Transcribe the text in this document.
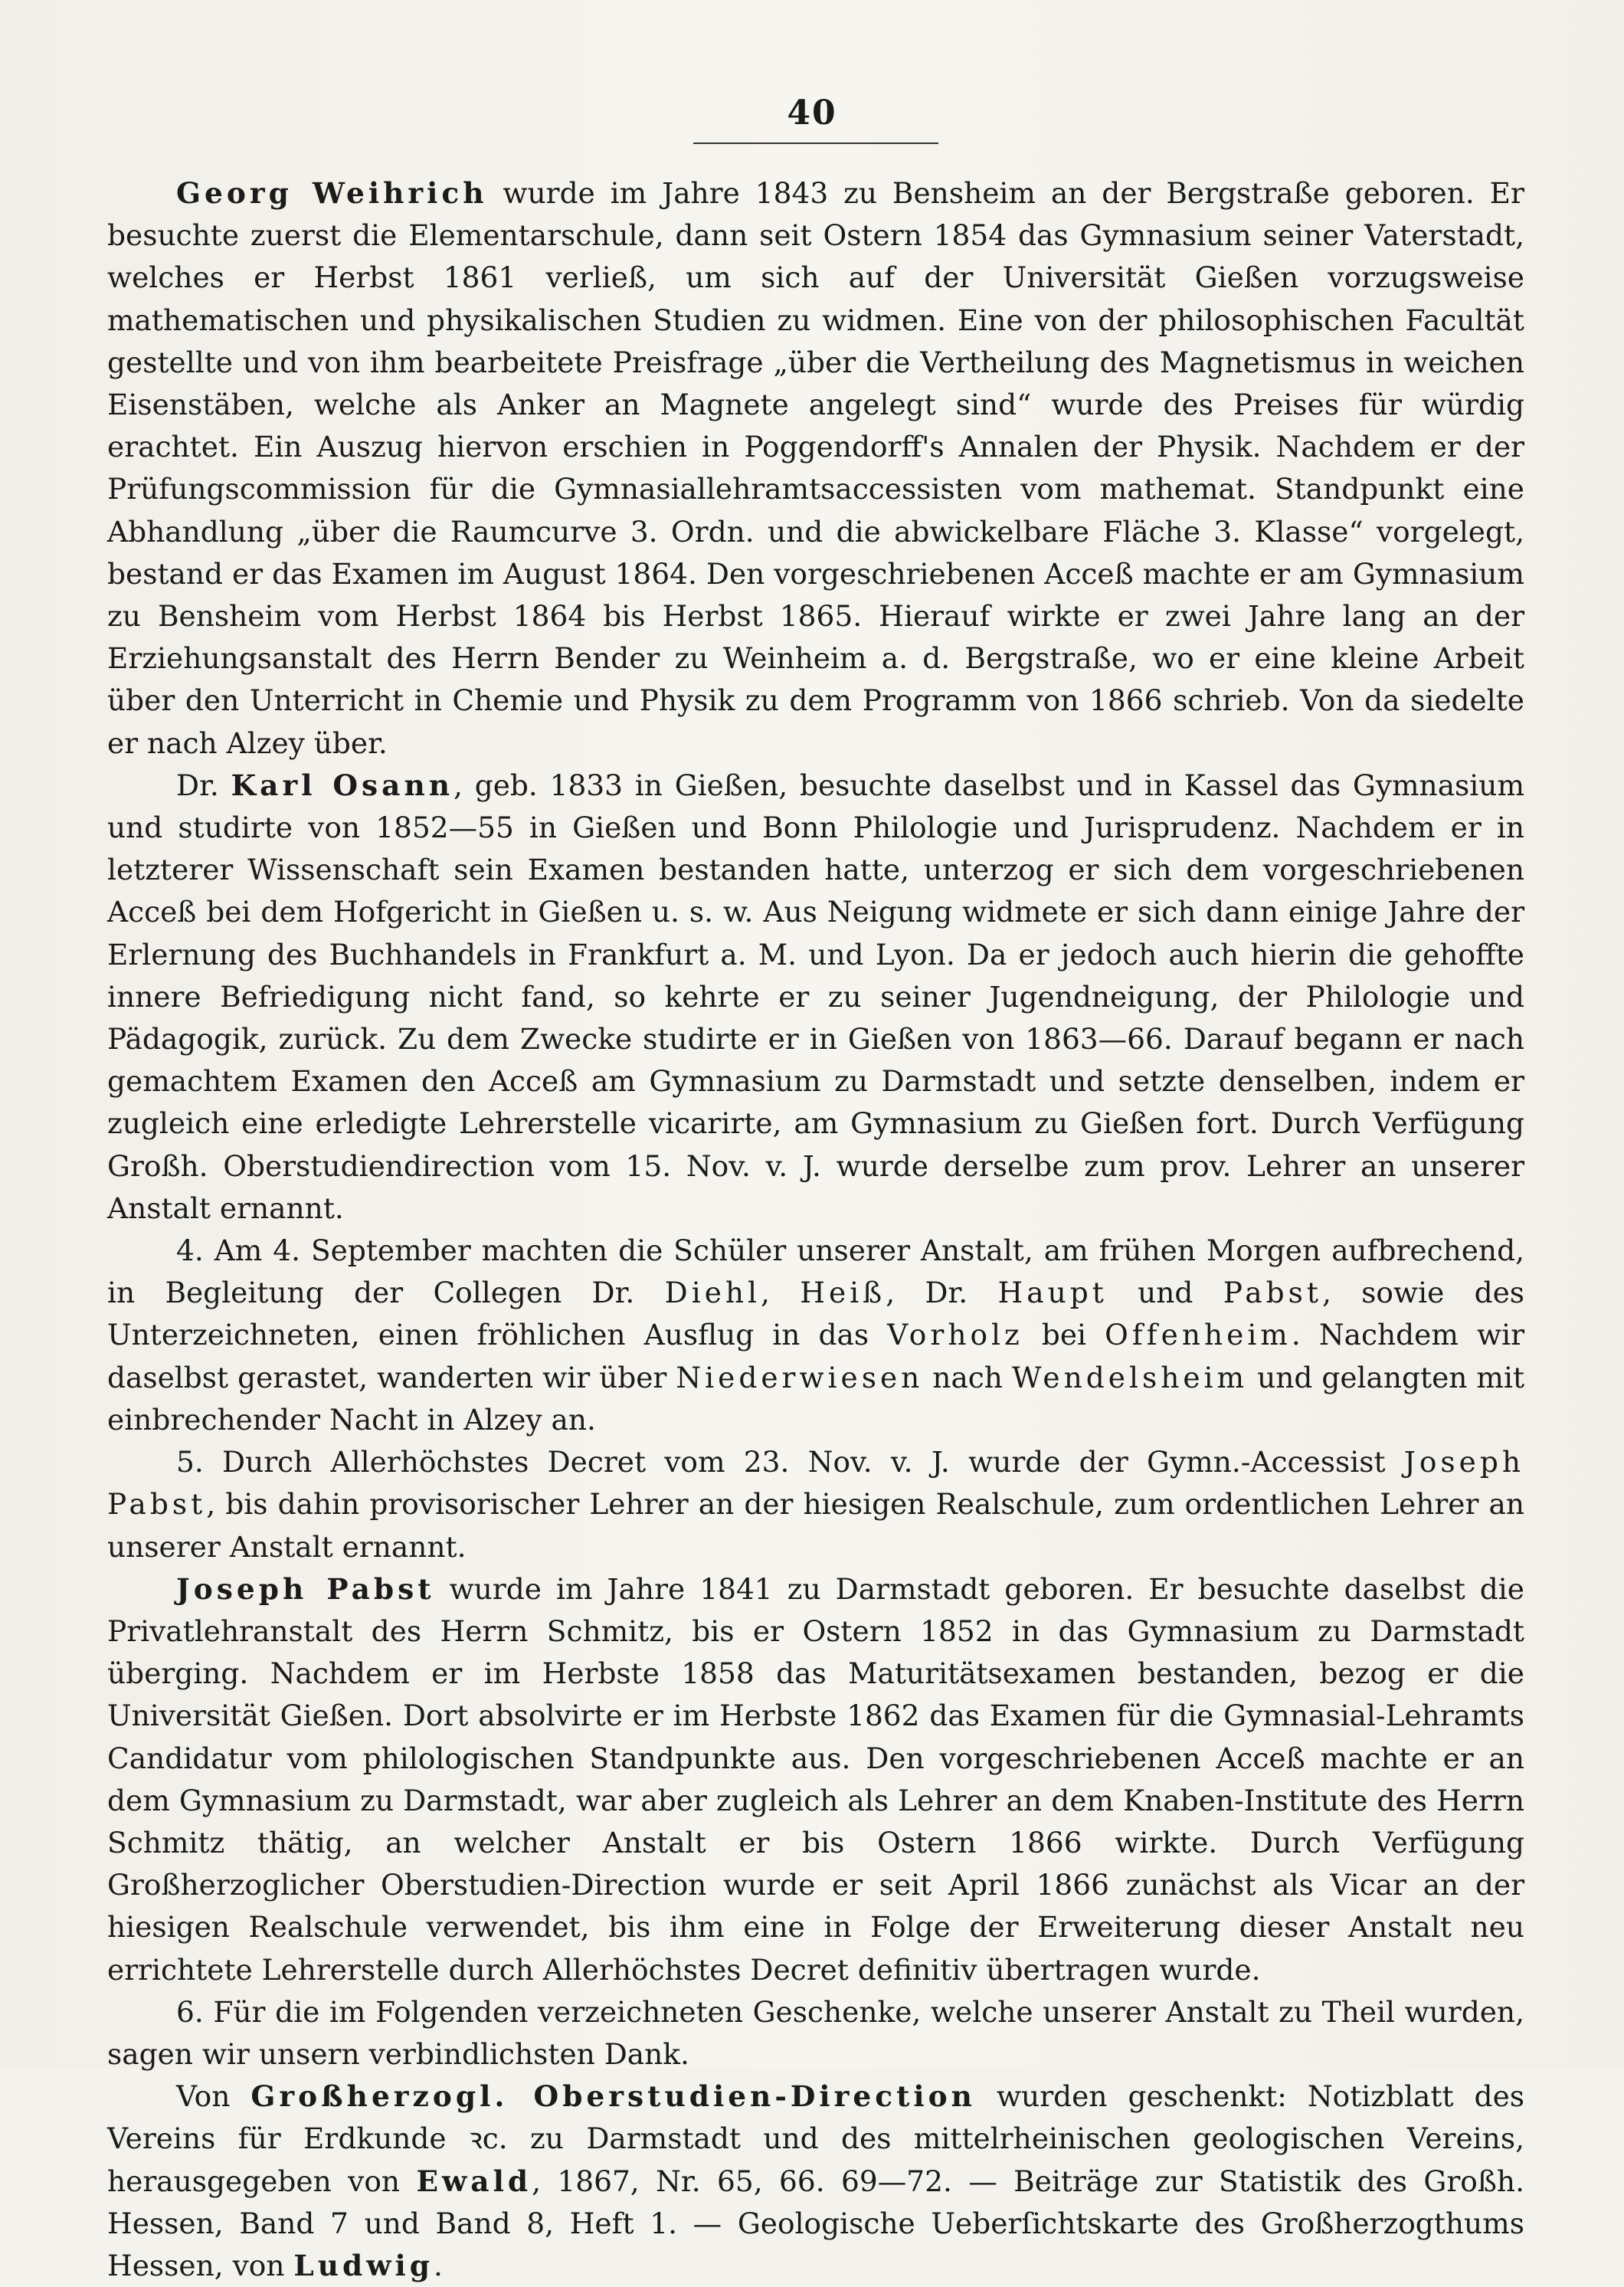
40

Georg Weihrich wurde im Jahre 1843 zu Bensheim an der Bergstraße geboren. Er besuchte zuerst die Elementarschule, dann seit Ostern 1854 das Gymnasium seiner Vaterstadt, welches er Herbst 1861 verließ, um sich auf der Universität Gießen vorzugsweise mathematischen und physikalischen Studien zu widmen. Eine von der philosophischen Facultät gestellte und von ihm bearbeitete Preisfrage „über die Vertheilung des Magnetismus in weichen Eisenstäben, welche als Anker an Magnete angelegt sind“ wurde des Preises für würdig erachtet. Ein Auszug hiervon erschien in Poggendorff's Annalen der Physik. Nachdem er der Prüfungscommission für die Gymnasiallehramtsaccessisten vom mathemat. Standpunkt eine Abhandlung „über die Raumcurve 3. Ordn. und die abwickelbare Fläche 3. Klasse“ vorgelegt, bestand er das Examen im August 1864. Den vorgeschriebenen Acceß machte er am Gymnasium zu Bensheim vom Herbst 1864 bis Herbst 1865. Hierauf wirkte er zwei Jahre lang an der Erziehungsanstalt des Herrn Bender zu Weinheim a. d. Bergstraße, wo er eine kleine Arbeit über den Unterricht in Chemie und Physik zu dem Programm von 1866 schrieb. Von da siedelte er nach Alzey über.

Dr. Karl Osann, geb. 1833 in Gießen, besuchte daselbst und in Kassel das Gymnasium und studirte von 1852—55 in Gießen und Bonn Philologie und Jurisprudenz. Nachdem er in letzterer Wissenschaft sein Examen bestanden hatte, unterzog er sich dem vorgeschriebenen Acceß bei dem Hofgericht in Gießen u. s. w. Aus Neigung widmete er sich dann einige Jahre der Erlernung des Buchhandels in Frankfurt a. M. und Lyon. Da er jedoch auch hierin die gehoffte innere Befriedigung nicht fand, so kehrte er zu seiner Jugendneigung, der Philologie und Pädagogik, zurück. Zu dem Zwecke studirte er in Gießen von 1863—66. Darauf begann er nach gemachtem Examen den Acceß am Gymnasium zu Darmstadt und setzte denselben, indem er zugleich eine erledigte Lehrerstelle vicarirte, am Gymnasium zu Gießen fort. Durch Verfügung Großh. Oberstudiendirection vom 15. Nov. v. J. wurde derselbe zum prov. Lehrer an unserer Anstalt ernannt.

4. Am 4. September machten die Schüler unserer Anstalt, am frühen Morgen aufbrechend, in Begleitung der Collegen Dr. Diehl, Heiß, Dr. Haupt und Pabst, sowie des Unterzeichneten, einen fröhlichen Ausflug in das Vorholz bei Offenheim. Nachdem wir daselbst gerastet, wanderten wir über Niederwiesen nach Wendelsheim und gelangten mit einbrechender Nacht in Alzey an.

5. Durch Allerhöchstes Decret vom 23. Nov. v. J. wurde der Gymn.-Accessist Joseph Pabst, bis dahin provisorischer Lehrer an der hiesigen Realschule, zum ordentlichen Lehrer an unserer Anstalt ernannt.

Joseph Pabst wurde im Jahre 1841 zu Darmstadt geboren. Er besuchte daselbst die Privatlehranstalt des Herrn Schmitz, bis er Ostern 1852 in das Gymnasium zu Darmstadt überging. Nachdem er im Herbste 1858 das Maturitätsexamen bestanden, bezog er die Universität Gießen. Dort absolvirte er im Herbste 1862 das Examen für die Gymnasial-Lehramts Candidatur vom philologischen Standpunkte aus. Den vorgeschriebenen Acceß machte er an dem Gymnasium zu Darmstadt, war aber zugleich als Lehrer an dem Knaben-Institute des Herrn Schmitz thätig, an welcher Anstalt er bis Ostern 1866 wirkte. Durch Verfügung Großherzoglicher Oberstudien-Direction wurde er seit April 1866 zunächst als Vicar an der hiesigen Realschule verwendet, bis ihm eine in Folge der Erweiterung dieser Anstalt neu errichtete Lehrerstelle durch Allerhöchstes Decret definitiv übertragen wurde.

6. Für die im Folgenden verzeichneten Geschenke, welche unserer Anstalt zu Theil wurden, sagen wir unsern verbindlichsten Dank.

Von Großherzogl. Oberstudien-Direction wurden geschenkt: Notizblatt des Vereins für Erdkunde ꝛc. zu Darmstadt und des mittelrheinischen geologischen Vereins, herausgegeben von Ewald, 1867, Nr. 65, 66. 69—72. — Beiträge zur Statistik des Großh. Hessen, Band 7 und Band 8, Heft 1. — Geologische Ueberſichtskarte des Großherzogthums Hessen, von Ludwig.
